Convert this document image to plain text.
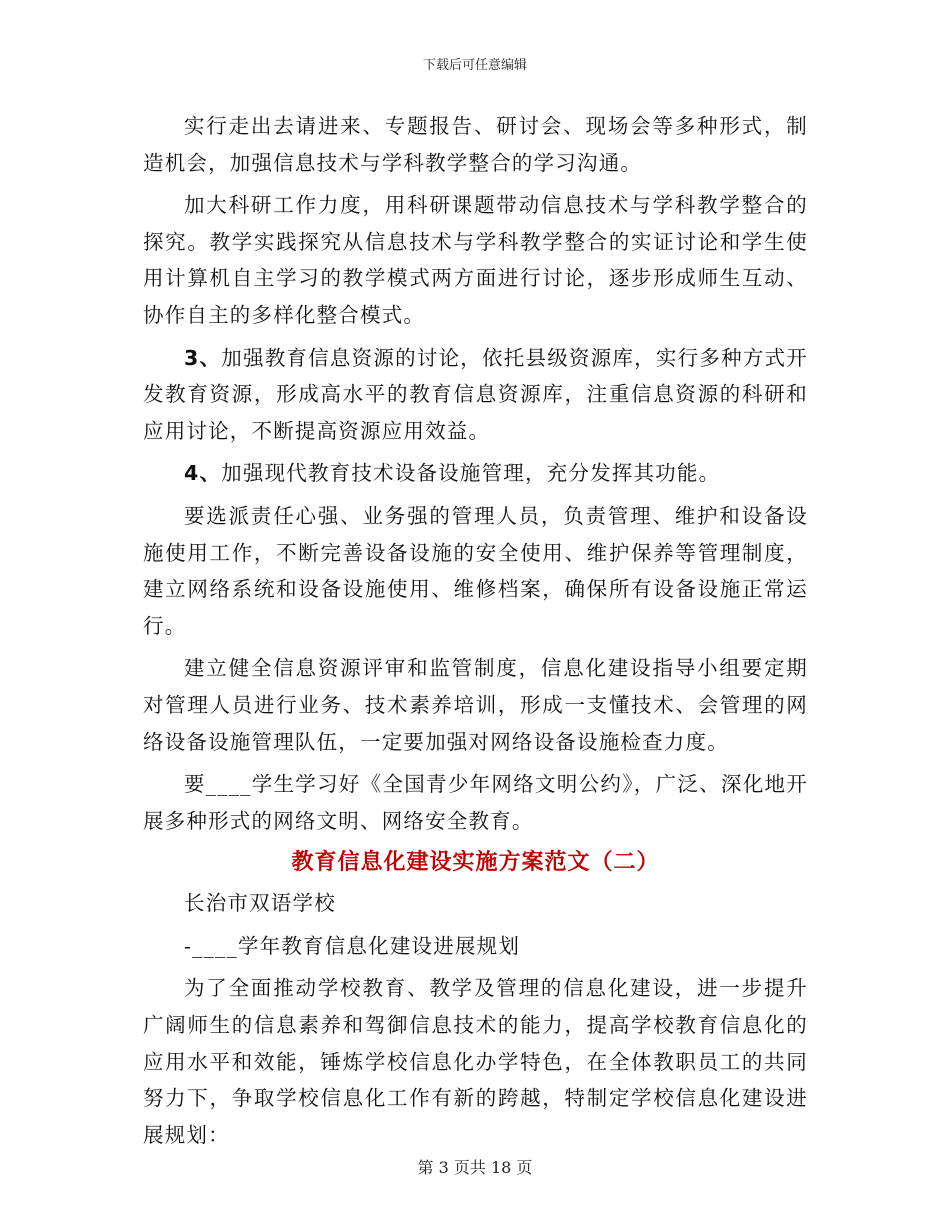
下载后可任意编辑

实行走出去请进来、专题报告、研讨会、现场会等多种形式，制造机会，加强信息技术与学科教学整合的学习沟通。

加大科研工作力度，用科研课题带动信息技术与学科教学整合的探究。教学实践探究从信息技术与学科教学整合的实证讨论和学生使用计算机自主学习的教学模式两方面进行讨论，逐步形成师生互动、协作自主的多样化整合模式。

3、加强教育信息资源的讨论，依托县级资源库，实行多种方式开发教育资源，形成高水平的教育信息资源库，注重信息资源的科研和应用讨论，不断提高资源应用效益。

4、加强现代教育技术设备设施管理，充分发挥其功能。

要选派责任心强、业务强的管理人员，负责管理、维护和设备设施使用工作，不断完善设备设施的安全使用、维护保养等管理制度，建立网络系统和设备设施使用、维修档案，确保所有设备设施正常运行。

建立健全信息资源评审和监管制度，信息化建设指导小组要定期对管理人员进行业务、技术素养培训，形成一支懂技术、会管理的网络设备设施管理队伍，一定要加强对网络设备设施检查力度。

要____学生学习好《全国青少年网络文明公约》，广泛、深化地开展多种形式的网络文明、网络安全教育。

教育信息化建设实施方案范文（二）

长治市双语学校

-____学年教育信息化建设进展规划

为了全面推动学校教育、教学及管理的信息化建设，进一步提升广阔师生的信息素养和驾御信息技术的能力，提高学校教育信息化的应用水平和效能，锤炼学校信息化办学特色，在全体教职员工的共同努力下，争取学校信息化工作有新的跨越，特制定学校信息化建设进展规划：

第 3 页共 18 页
